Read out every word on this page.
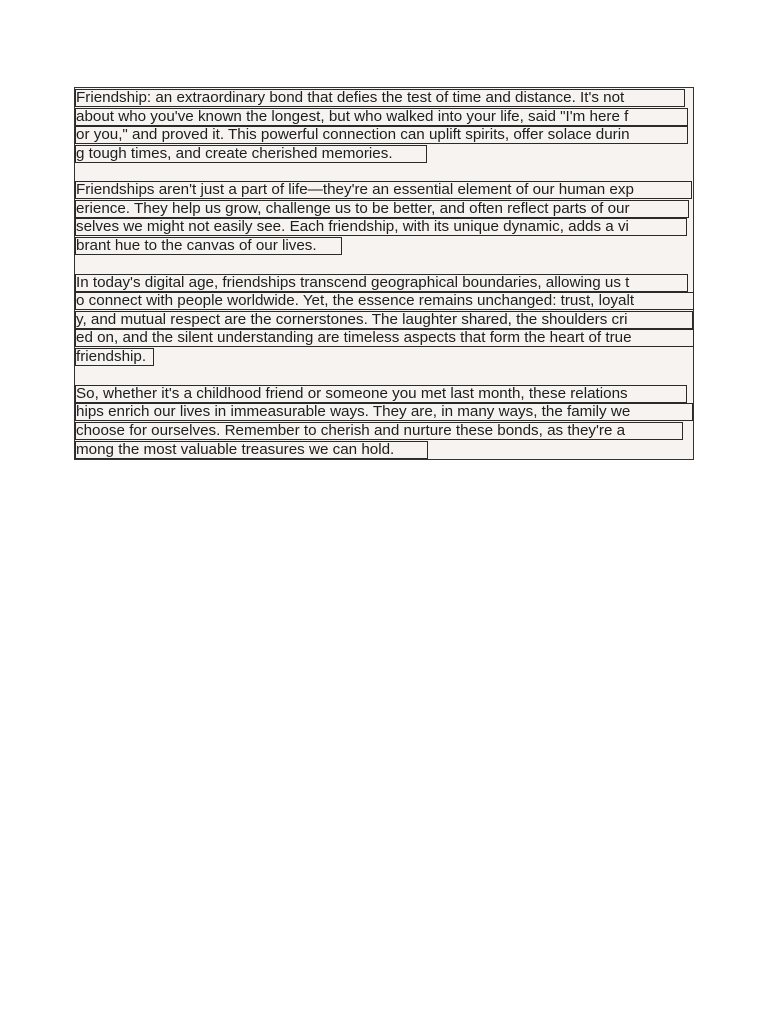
Friendship: an extraordinary bond that defies the test of time and distance. It's not
about who you've known the longest, but who walked into your life, said "I'm here f
or you," and proved it. This powerful connection can uplift spirits, offer solace durin
g tough times, and create cherished memories.
Friendships aren't just a part of life—they're an essential element of our human exp
erience. They help us grow, challenge us to be better, and often reflect parts of our
selves we might not easily see. Each friendship, with its unique dynamic, adds a vi
brant hue to the canvas of our lives.
In today's digital age, friendships transcend geographical boundaries, allowing us t
o connect with people worldwide. Yet, the essence remains unchanged: trust, loyalt
y, and mutual respect are the cornerstones. The laughter shared, the shoulders cri
ed on, and the silent understanding are timeless aspects that form the heart of true
friendship.
So, whether it's a childhood friend or someone you met last month, these relations
hips enrich our lives in immeasurable ways. They are, in many ways, the family we
choose for ourselves. Remember to cherish and nurture these bonds, as they're a
mong the most valuable treasures we can hold.
